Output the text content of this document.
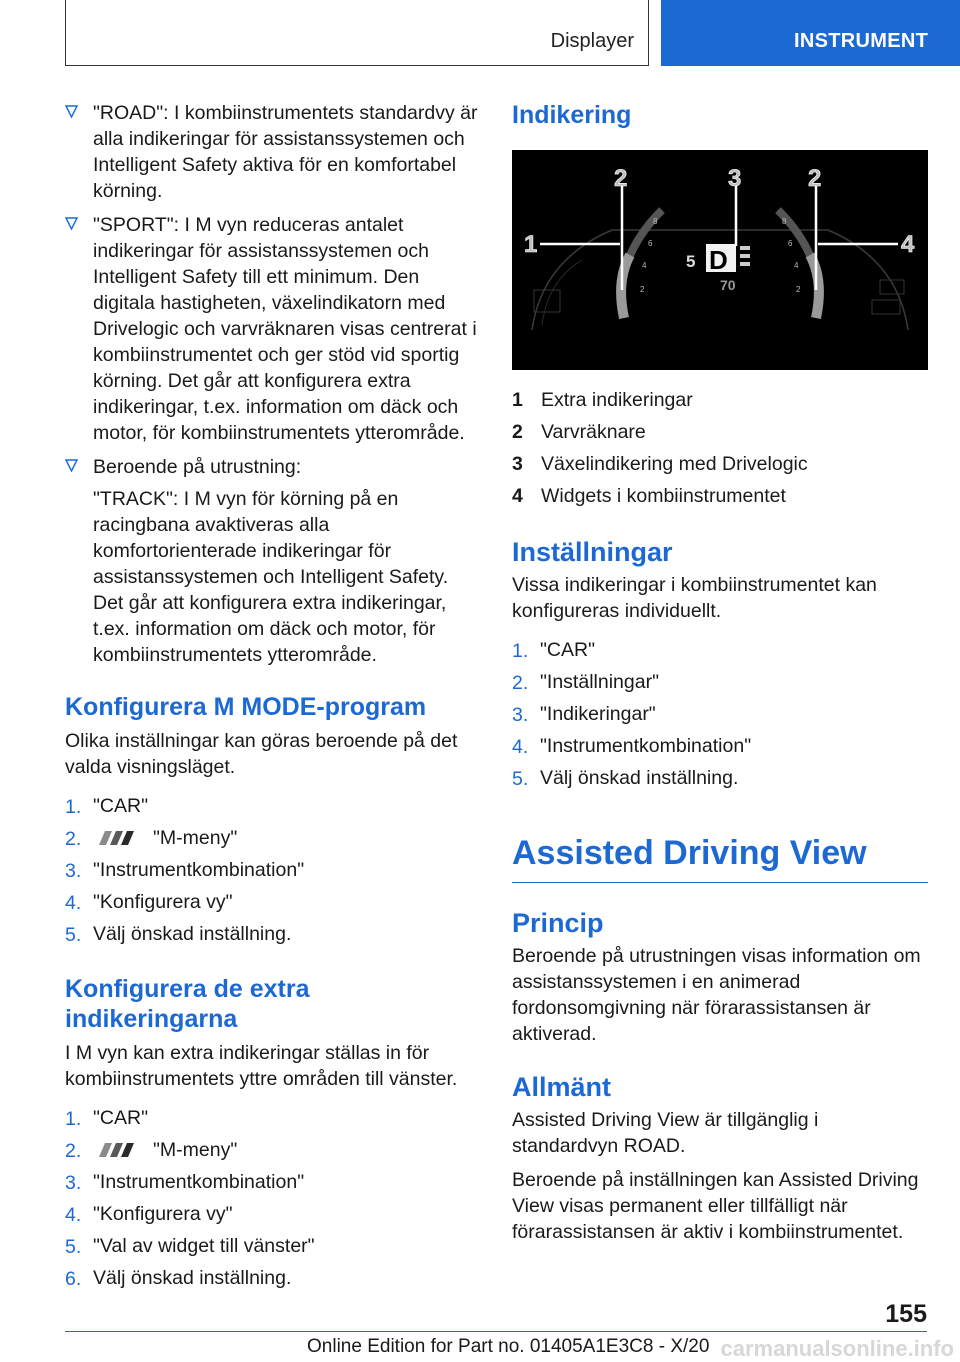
Displayer	INSTRUMENT

"ROAD": I kombiinstrumentets standardvy är alla indikeringar för assistanssystemen och Intelligent Safety aktiva för en komfortabel körning.

"SPORT": I M vyn reduceras antalet indikeringar för assistanssystemen och Intelligent Safety till ett minimum. Den digitala hastigheten, växelindikatorn med Drivelogic och varvräknaren visas centrerat i kombiinstrumentet och ger stöd vid sportig körning. Det går att konfigurera extra indikeringar, t.ex. information om däck och motor, för kombiinstrumentets ytterområde.

Beroende på utrustning:

"TRACK": I M vyn för körning på en racingbana avaktiveras alla komfortorienterade indikeringar för assistanssystemen och Intelligent Safety. Det går att konfigurera extra indikeringar, t.ex. information om däck och motor, för kombiinstrumentets ytterområde.

Konfigurera M MODE-program

Olika inställningar kan göras beroende på det valda visningsläget.

1. "CAR"
2.	"M-meny"
3. "Instrumentkombination"
4. "Konfigurera vy"
5. Välj önskad inställning.
Konfigurera de extra indikeringarna

I M vyn kan extra indikeringar ställas in för kombiinstrumentets yttre områden till vänster.

1. "CAR"
2.	"M-meny"
3. "Instrumentkombination"
4. "Konfigurera vy"
5. "Val av widget till vänster"
6. Välj önskad inställning.
Indikering
8
6
4
2
8
6
4
2
5 D
70
1
2	3	2
4
1 Extra indikeringar
2 Varvräknare
3 Växelindikering med Drivelogic
4 Widgets i kombiinstrumentet
Inställningar

Vissa indikeringar i kombiinstrumentet kan konfigureras individuellt.

1. "CAR"
2. "Inställningar"
3. "Indikeringar"
4. "Instrumentkombination"
5. Välj önskad inställning.
Assisted Driving View
Princip

Beroende på utrustningen visas information om assistanssystemen i en animerad fordonsomgivning när förarassistansen är aktiverad.

Allmänt

Assisted Driving View är tillgänglig i standardvyn ROAD.

Beroende på inställningen kan Assisted Driving View visas permanent eller tillfälligt när förarassistansen är aktiv i kombiinstrumentet.

155
Online Edition for Part no. 01405A1E3C8 - X/20 carmanualsonline.info
